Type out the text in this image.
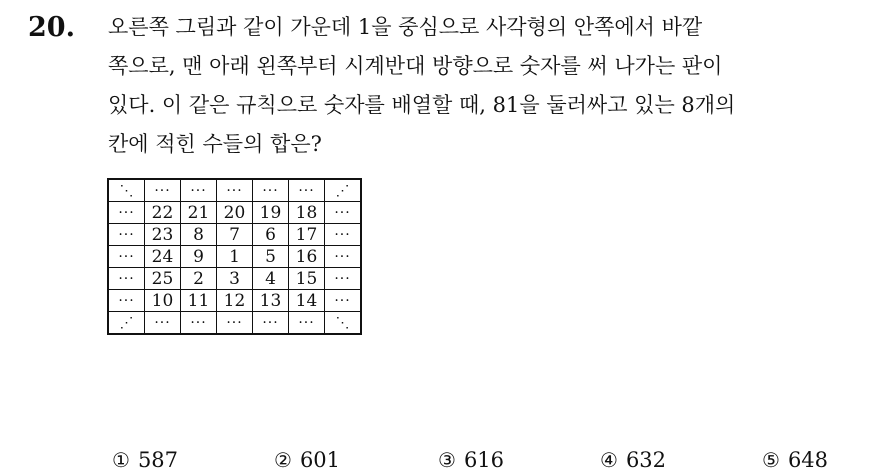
20. 오른쪽 그림과 같이 가운데 1을 중심으로 사각형의 안쪽에서 바깥
쪽으로, 맨 아래 왼쪽부터 시계반대 방향으로 숫자를 써 나가는 판이
있다. 이 같은 규칙으로 숫자를 배열할 때, 81을 둘러싸고 있는 8개의
칸에 적힌 수들의 합은?
⋱	···	···	···	···	···	⋰
···	22	21	20	19	18	···
···	23	8	7	6	17	···
···	24	9	1	5	16	···
···	25	2	3	4	15	···
···	10	11	12	13	14	···
⋰	···	···	···	···	···	⋱
① 587	② 601	③ 616	④ 632	⑤ 648
